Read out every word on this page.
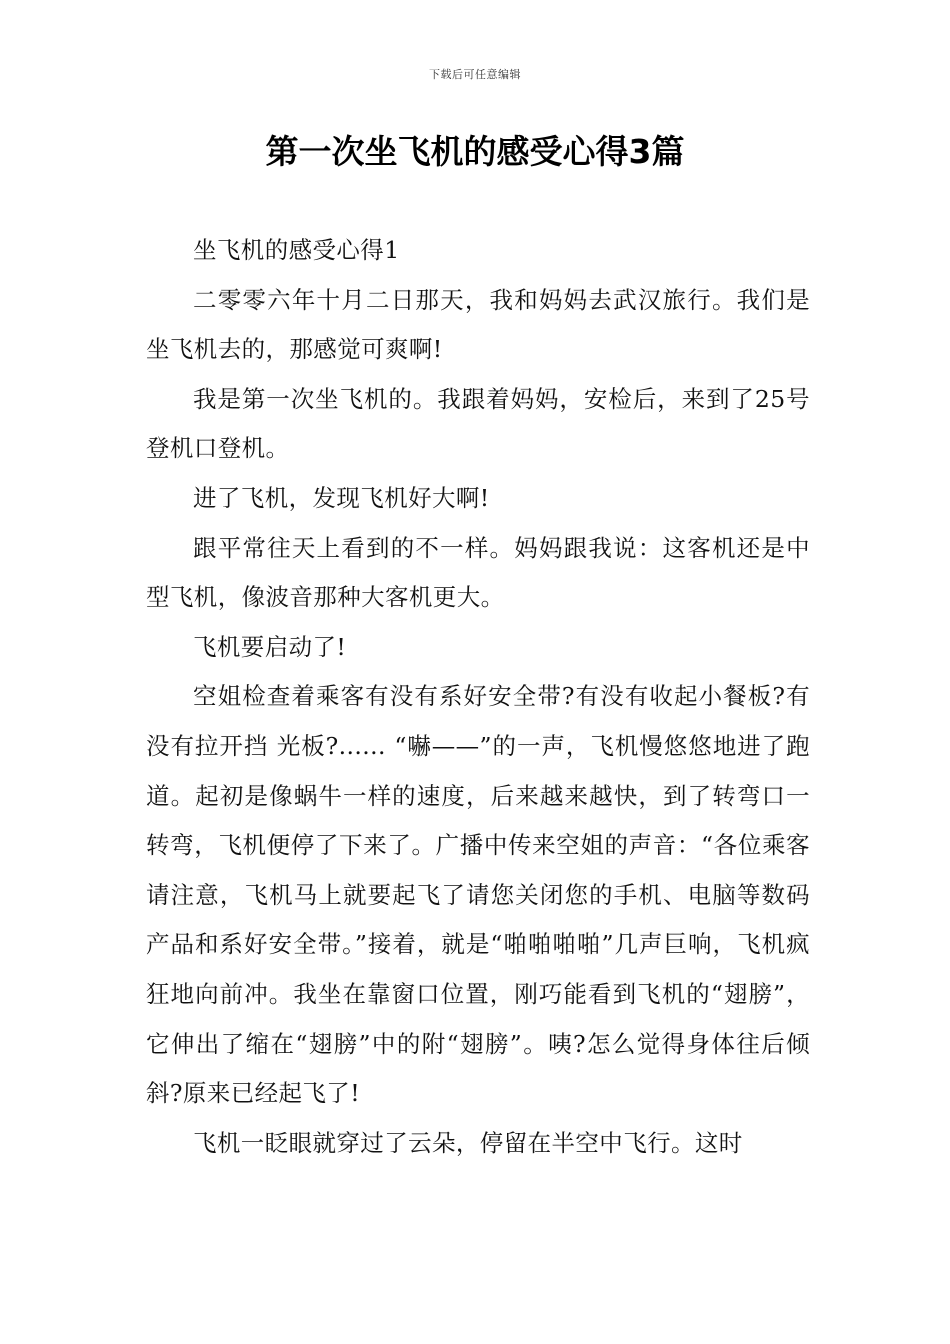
下载后可任意编辑
第一次坐飞机的感受心得3篇

坐飞机的感受心得1

二零零六年十月二日那天，我和妈妈去武汉旅行。我们是坐飞机去的，那感觉可爽啊!

我是第一次坐飞机的。我跟着妈妈，安检后，来到了25号登机口登机。

进了飞机，发现飞机好大啊!

跟平常往天上看到的不一样。妈妈跟我说：这客机还是中型飞机，像波音那种大客机更大。

飞机要启动了!

空姐检查着乘客有没有系好安全带?有没有收起小餐板?有没有拉开挡 光板?...... “嚇——”的一声，飞机慢悠悠地进了跑道。起初是像蜗牛一样的速度，后来越来越快，到了转弯口一转弯，飞机便停了下来了。广播中传来空姐的声音：“各位乘客请注意，飞机马上就要起飞了请您关闭您的手机、电脑等数码产品和系好安全带。”接着，就是“啪啪啪啪”几声巨响，飞机疯狂地向前冲。我坐在靠窗口位置，刚巧能看到飞机的“翅膀”，它伸出了缩在“翅膀”中的附“翅膀”。咦?怎么觉得身体往后倾斜?原来已经起飞了!

飞机一眨眼就穿过了云朵，停留在半空中飞行。这时
